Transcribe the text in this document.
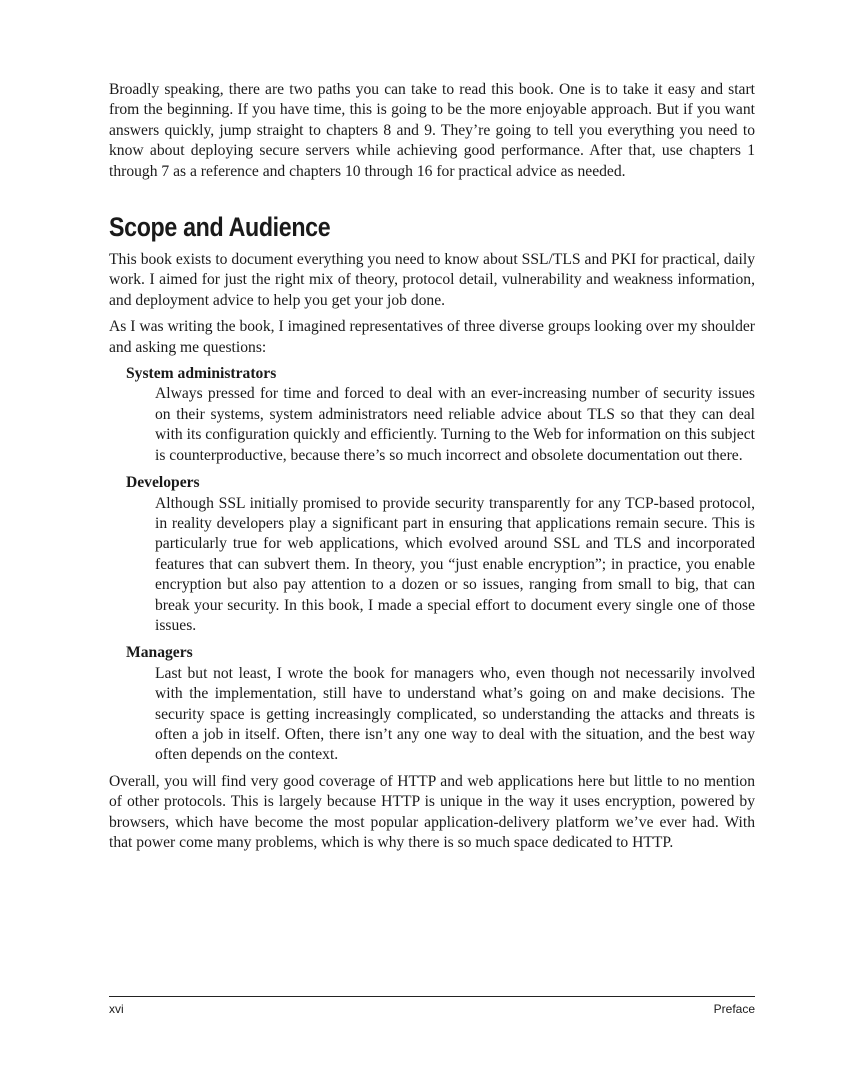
Broadly speaking, there are two paths you can take to read this book. One is to take it easy and start from the beginning. If you have time, this is going to be the more enjoyable approach. But if you want answers quickly, jump straight to chapters 8 and 9. They’re going to tell you everything you need to know about deploying secure servers while achieving good performance. After that, use chapters 1 through 7 as a reference and chapters 10 through 16 for practical advice as needed.

Scope and Audience

This book exists to document everything you need to know about SSL/TLS and PKI for practical, daily work. I aimed for just the right mix of theory, protocol detail, vulnerability and weakness information, and deployment advice to help you get your job done.

As I was writing the book, I imagined representatives of three diverse groups looking over my shoulder and asking me questions:

System administrators
Always pressed for time and forced to deal with an ever-increasing number of security issues on their systems, system administrators need reliable advice about TLS so that they can deal with its configuration quickly and efficiently. Turning to the Web for information on this subject is counterproductive, because there’s so much incorrect and obsolete documentation out there.
Developers
Although SSL initially promised to provide security transparently for any TCP-based protocol, in reality developers play a significant part in ensuring that applications remain secure. This is particularly true for web applications, which evolved around SSL and TLS and incorporated features that can subvert them. In theory, you “just enable encryption”; in practice, you enable encryption but also pay attention to a dozen or so issues, ranging from small to big, that can break your security. In this book, I made a special effort to document every single one of those issues.
Managers
Last but not least, I wrote the book for managers who, even though not necessarily involved with the implementation, still have to understand what’s going on and make decisions. The security space is getting increasingly complicated, so understanding the attacks and threats is often a job in itself. Often, there isn’t any one way to deal with the situation, and the best way often depends on the context.

Overall, you will find very good coverage of HTTP and web applications here but little to no mention of other protocols. This is largely because HTTP is unique in the way it uses encryption, powered by browsers, which have become the most popular application-delivery platform we’ve ever had. With that power come many problems, which is why there is so much space dedicated to HTTP.

xvi	Preface
